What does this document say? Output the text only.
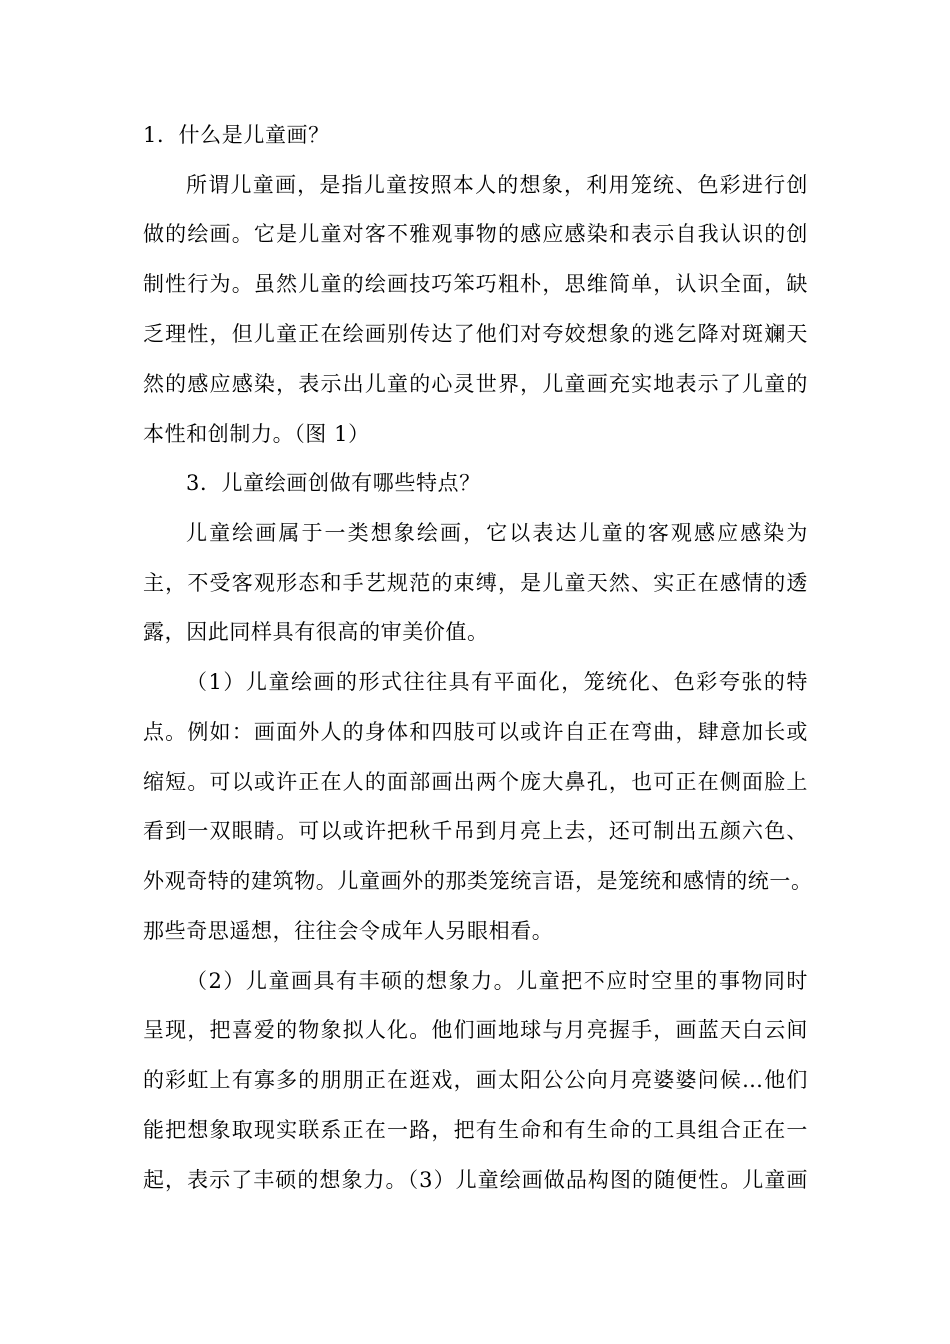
1．什么是儿童画？

所谓儿童画，是指儿童按照本人的想象，利用笼统、色彩进行创

做的绘画。它是儿童对客不雅观事物的感应感染和表示自我认识的创

制性行为。虽然儿童的绘画技巧笨巧粗朴，思维简单，认识全面，缺

乏理性，但儿童正在绘画别传达了他们对夸姣想象的逃乞降对斑斓天

然的感应感染，表示出儿童的心灵世界，儿童画充实地表示了儿童的

本性和创制力。（图 1）

3．儿童绘画创做有哪些特点？

儿童绘画属于一类想象绘画，它以表达儿童的客观感应感染为

主，不受客观形态和手艺规范的束缚，是儿童天然、实正在感情的透

露，因此同样具有很高的审美价值。

（1）儿童绘画的形式往往具有平面化，笼统化、色彩夸张的特

点。例如：画面外人的身体和四肢可以或许自正在弯曲，肆意加长或

缩短。可以或许正在人的面部画出两个庞大鼻孔，也可正在侧面脸上

看到一双眼睛。可以或许把秋千吊到月亮上去，还可制出五颜六色、

外观奇特的建筑物。儿童画外的那类笼统言语，是笼统和感情的统一。

那些奇思遥想，往往会令成年人另眼相看。

（2）儿童画具有丰硕的想象力。儿童把不应时空里的事物同时

呈现，把喜爱的物象拟人化。他们画地球与月亮握手，画蓝天白云间

的彩虹上有寡多的朋朋正在逛戏，画太阳公公向月亮婆婆问候…他们

能把想象取现实联系正在一路，把有生命和有生命的工具组合正在一

起，表示了丰硕的想象力。（3）儿童绘画做品构图的随便性。儿童画
